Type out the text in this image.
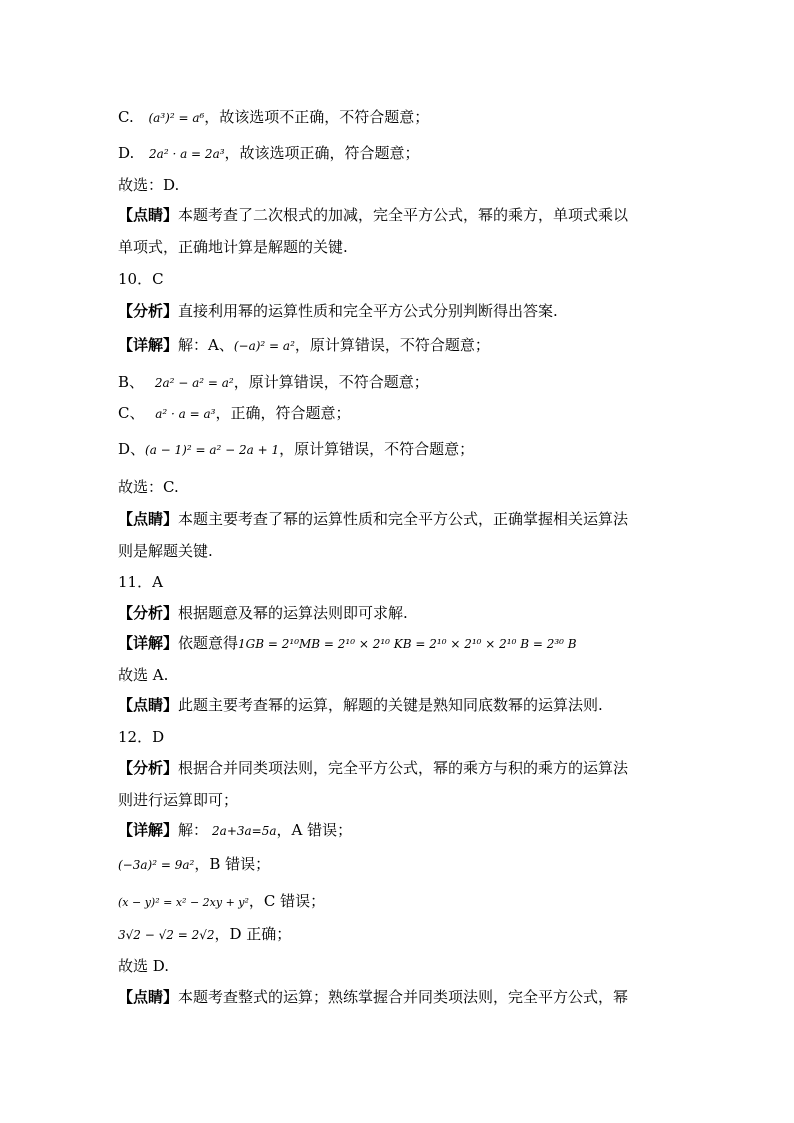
C. (a³)² = a⁶，故该选项不正确，不符合题意；
D. 2a² · a = 2a³，故该选项正确，符合题意；
故选：D.
【点睛】本题考查了二次根式的加减，完全平方公式，幂的乘方，单项式乘以
单项式，正确地计算是解题的关键.
10．C
【分析】直接利用幂的运算性质和完全平方公式分别判断得出答案.
【详解】解：A、(−a)² = a²，原计算错误，不符合题意；
B、 2a² − a² = a²，原计算错误，不符合题意；
C、 a² · a = a³，正确，符合题意；
D、(a − 1)² = a² − 2a + 1，原计算错误，不符合题意；
故选：C.
【点睛】本题主要考查了幂的运算性质和完全平方公式，正确掌握相关运算法
则是解题关键.
11．A
【分析】根据题意及幂的运算法则即可求解.
【详解】依题意得1GB = 2¹⁰MB = 2¹⁰ × 2¹⁰ KB = 2¹⁰ × 2¹⁰ × 2¹⁰ B = 2³⁰ B
故选 A.
【点睛】此题主要考查幂的运算，解题的关键是熟知同底数幂的运算法则.
12．D
【分析】根据合并同类项法则，完全平方公式，幂的乘方与积的乘方的运算法
则进行运算即可；
【详解】解： 2a+3a=5a，A 错误；
(−3a)² = 9a²，B 错误；
(x − y)² = x² − 2xy + y²，C 错误；
3√2 − √2 = 2√2，D 正确；
故选 D.
【点睛】本题考查整式的运算；熟练掌握合并同类项法则，完全平方公式，幂
